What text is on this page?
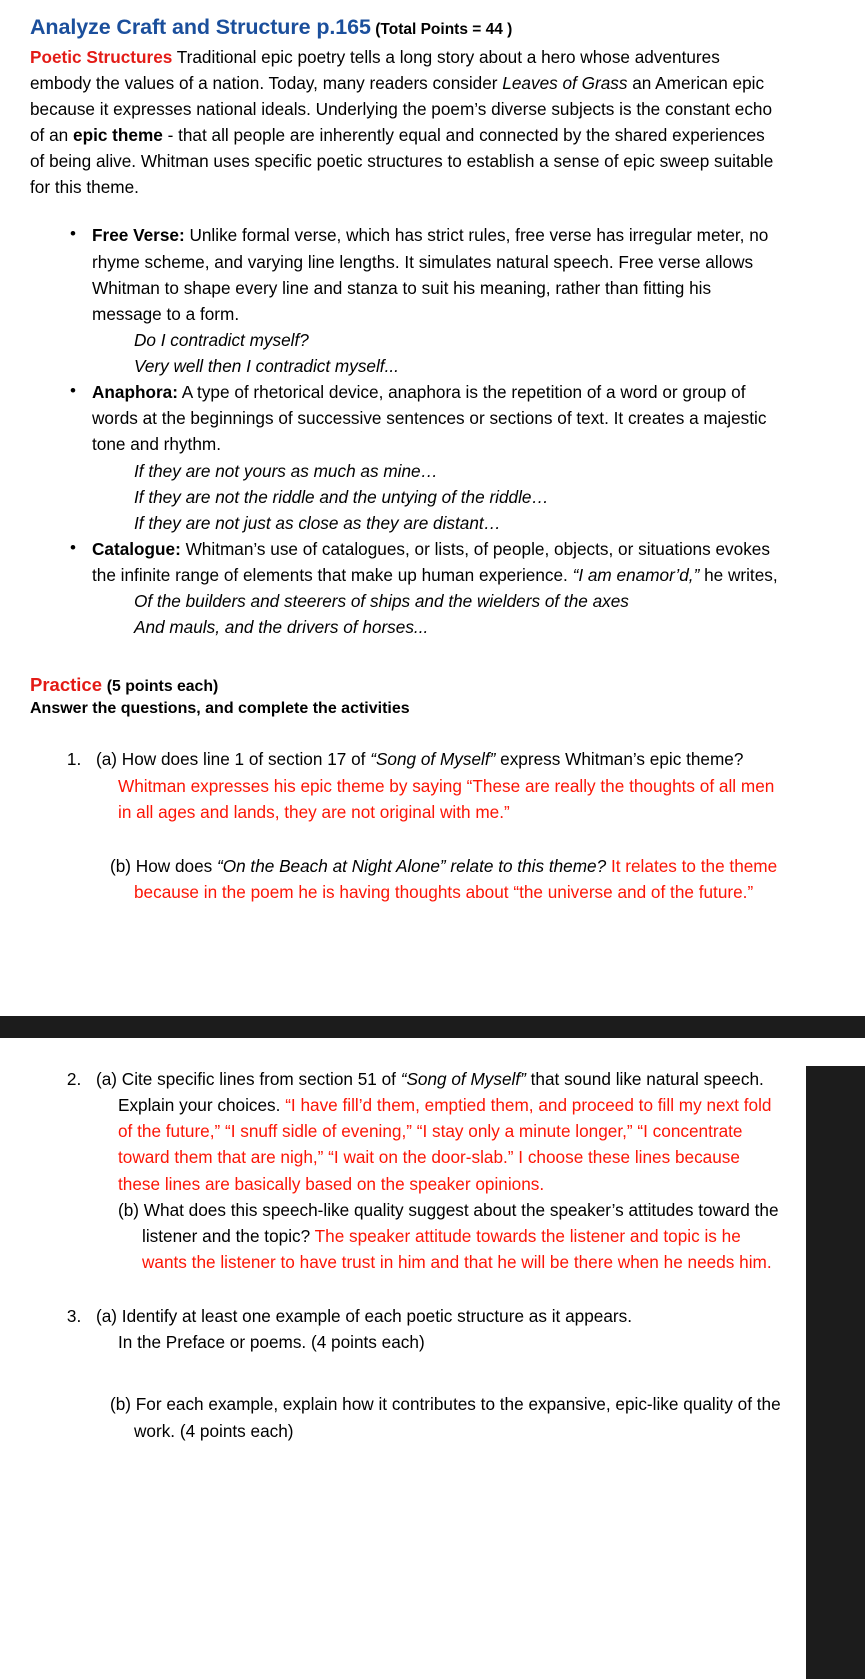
Analyze Craft and Structure p.165 (Total Points = 44 )

Poetic Structures Traditional epic poetry tells a long story about a hero whose adventures embody the values of a nation. Today, many readers consider Leaves of Grass an American epic because it expresses national ideals. Underlying the poem’s diverse subjects is the constant echo of an epic theme - that all people are inherently equal and connected by the shared experiences of being alive. Whitman uses specific poetic structures to establish a sense of epic sweep suitable for this theme.

• Free Verse: Unlike formal verse, which has strict rules, free verse has irregular meter, no rhyme scheme, and varying line lengths. It simulates natural speech. Free verse allows Whitman to shape every line and stanza to suit his meaning, rather than fitting his message to a form.
Do I contradict myself?
Very well then I contradict myself...
• Anaphora: A type of rhetorical device, anaphora is the repetition of a word or group of words at the beginnings of successive sentences or sections of text. It creates a majestic tone and rhythm.
If they are not yours as much as mine…
If they are not the riddle and the untying of the riddle…
If they are not just as close as they are distant…
• Catalogue: Whitman’s use of catalogues, or lists, of people, objects, or situations evokes the infinite range of elements that make up human experience. “I am enamor’d,” he writes,
Of the builders and steerers of ships and the wielders of the axes
And mauls, and the drivers of horses...

Practice (5 points each)

Answer the questions, and complete the activities

1. (a) How does line 1 of section 17 of “Song of Myself” express Whitman’s epic theme? Whitman expresses his epic theme by saying “These are really the thoughts of all men in all ages and lands, they are not original with me.”

(b) How does “On the Beach at Night Alone” relate to this theme? It relates to the theme because in the poem he is having thoughts about “the universe and of the future.”

2. (a) Cite specific lines from section 51 of “Song of Myself” that sound like natural speech. Explain your choices. “I have fill’d them, emptied them, and proceed to fill my next fold of the future,” “I snuff sidle of evening,” “I stay only a minute longer,” “I concentrate toward them that are nigh,” “I wait on the door-slab.” I choose these lines because these lines are basically based on the speaker opinions.

(b) What does this speech-like quality suggest about the speaker’s attitudes toward the listener and the topic? The speaker attitude towards the listener and topic is he wants the listener to have trust in him and that he will be there when he needs him.

3. (a) Identify at least one example of each poetic structure as it appears.
In the Preface or poems. (4 points each)

(b) For each example, explain how it contributes to the expansive, epic-like quality of the work. (4 points each)
